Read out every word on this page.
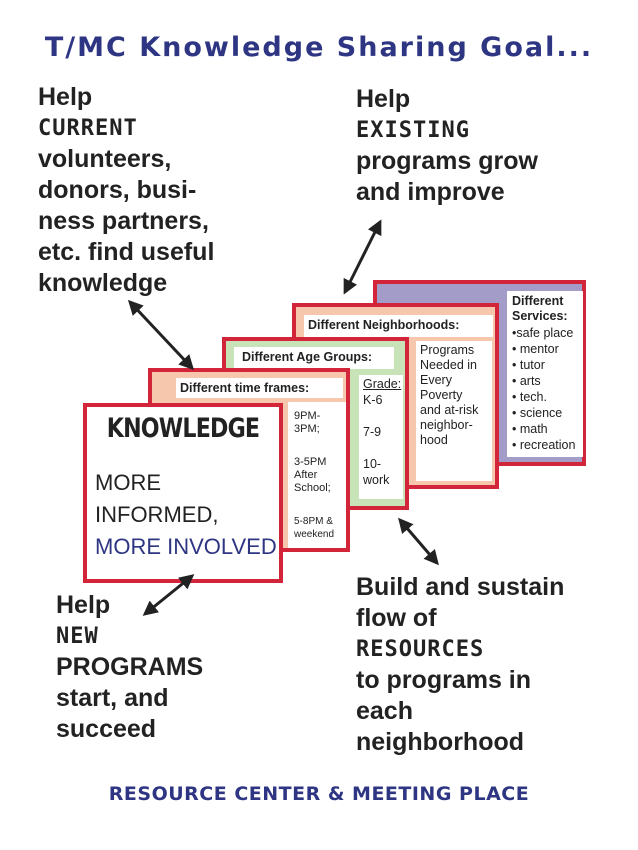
T/MC Knowledge Sharing Goal...
Help
CURRENT
volunteers,
donors, busi-
ness partners,
etc. find useful
knowledge
Help
EXISTING
programs grow
and improve
Different
Services:
•safe place
• mentor
• tutor
• arts
• tech.
• science
• math
• recreation
Different Neighborhoods:
Programs
Needed in
Every
Poverty
and at-risk
neighbor-
hood
Different Age Groups:
Grade:
K-6
7-9
10-
work
Different time frames:
9PM-
3PM;
3-5PM
After
School;
5-8PM &
weekend
KNOWLEDGE
MORE
INFORMED,
MORE INVOLVED
Help
NEW
PROGRAMS
start, and
succeed
Build and sustain
flow of
RESOURCES
to programs in
each
neighborhood
RESOURCE CENTER & MEETING PLACE
